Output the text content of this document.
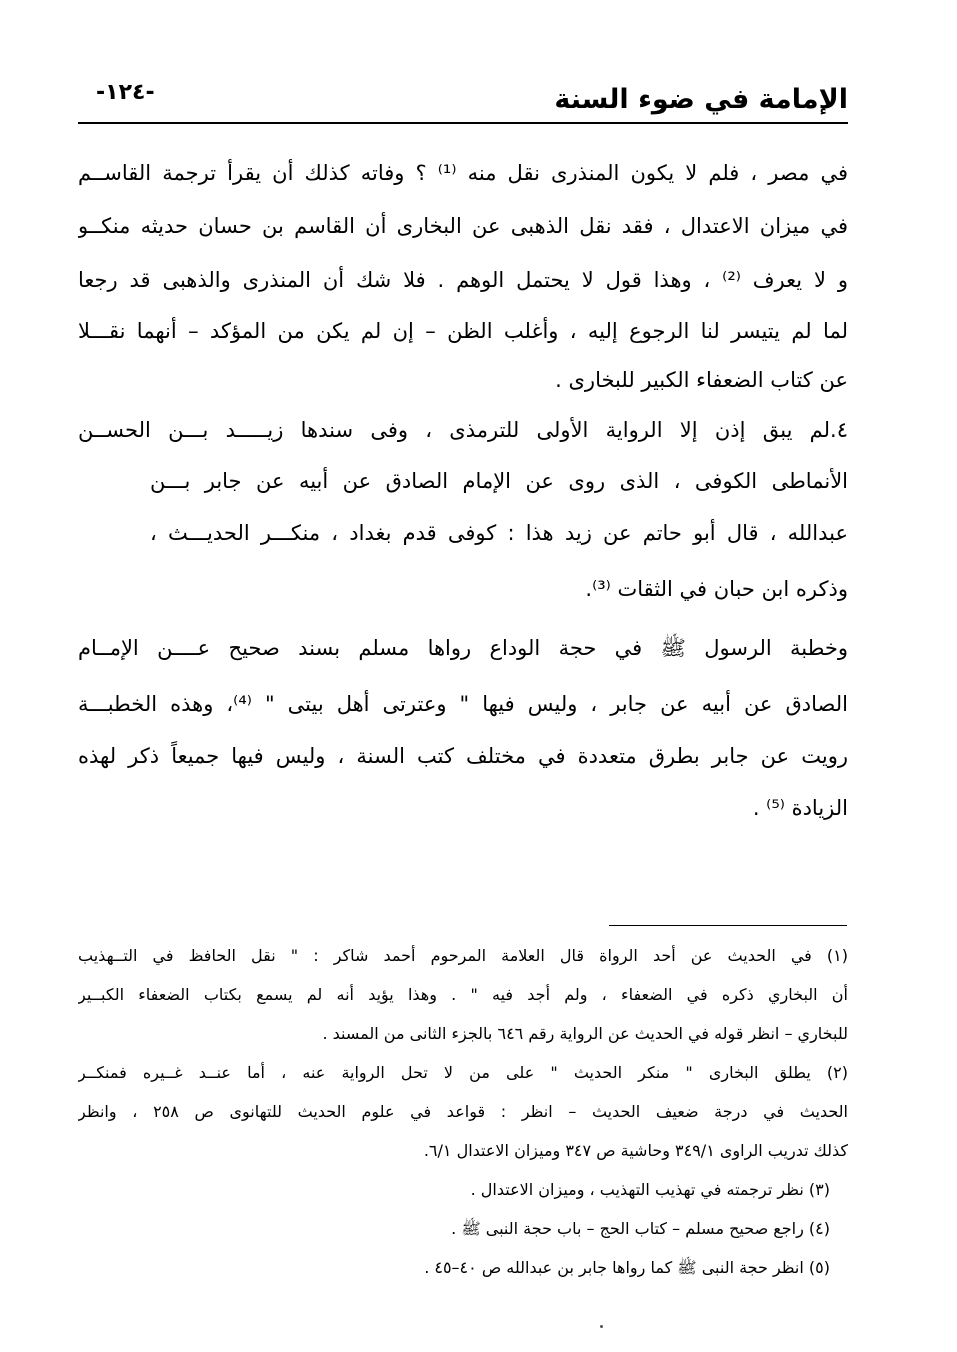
الإمامة في ضوء السنة
-١٢٤-
في مصر ، فلم لا يكون المنذرى نقل منه ⁽¹⁾ ؟ وفاته كذلك أن يقرأ ترجمة القاســم
في ميزان الاعتدال ، فقد نقل الذهبى عن البخارى أن القاسم بن حسان حديثه منكــو
و لا يعرف ⁽²⁾ ، وهذا قول لا يحتمل الوهم . فلا شك أن المنذرى والذهبى قد رجعا
لما لم يتيسر لنا الرجوع إليه ، وأغلب الظن – إن لم يكن من المؤكد – أنهما نقـــلا
عن كتاب الضعفاء الكبير للبخارى .
٤.لم يبق إذن إلا الرواية الأولى للترمذى ، وفى سندها زيـــــد بـــن الحســن
الأنماطى الكوفى ، الذى روى عن الإمام الصادق عن أبيه عن جابر بـــن
عبدالله ، قال أبو حاتم عن زيد هذا : كوفى قدم بغداد ، منكـــر الحديـــث ،
وذكره ابن حبان في الثقات ⁽³⁾.
وخطبة الرسول ﷺ في حجة الوداع رواها مسلم بسند صحيح عــــن الإمــام
الصادق عن أبيه عن جابر ، وليس فيها " وعترتى أهل بيتى " ⁽⁴⁾، وهذه الخطبـــة
رويت عن جابر بطرق متعددة في مختلف كتب السنة ، وليس فيها جميعاً ذكر لهذه
الزيادة ⁽⁵⁾ .
(١) في الحديث عن أحد الرواة قال العلامة المرحوم أحمد شاكر : " نقل الحافظ في التــهذيب
أن البخاري ذكره في الضعفاء ، ولم أجد فيه " . وهذا يؤيد أنه لم يسمع بكتاب الضعفاء الكبــير
للبخاري – انظر قوله في الحديث عن الرواية رقم ٦٤٦ بالجزء الثانى من المسند .
(٢) يطلق البخارى " منكر الحديث " على من لا تحل الرواية عنه ، أما عنــد غــيره فمنكــر
الحديث في درجة ضعيف الحديث – انظر : قواعد في علوم الحديث للتهانوى ص ٢٥٨ ، وانظر
كذلك تدريب الراوى ٣٤٩/١ وحاشية ص ٣٤٧ وميزان الاعتدال ٦/١.
(٣) نظر ترجمته في تهذيب التهذيب ، وميزان الاعتدال .
(٤) راجع صحيح مسلم – كتاب الحج – باب حجة النبى ﷺ .
(٥) انظر حجة النبى ﷺ كما رواها جابر بن عبدالله ص ٤٠–٤٥ .
